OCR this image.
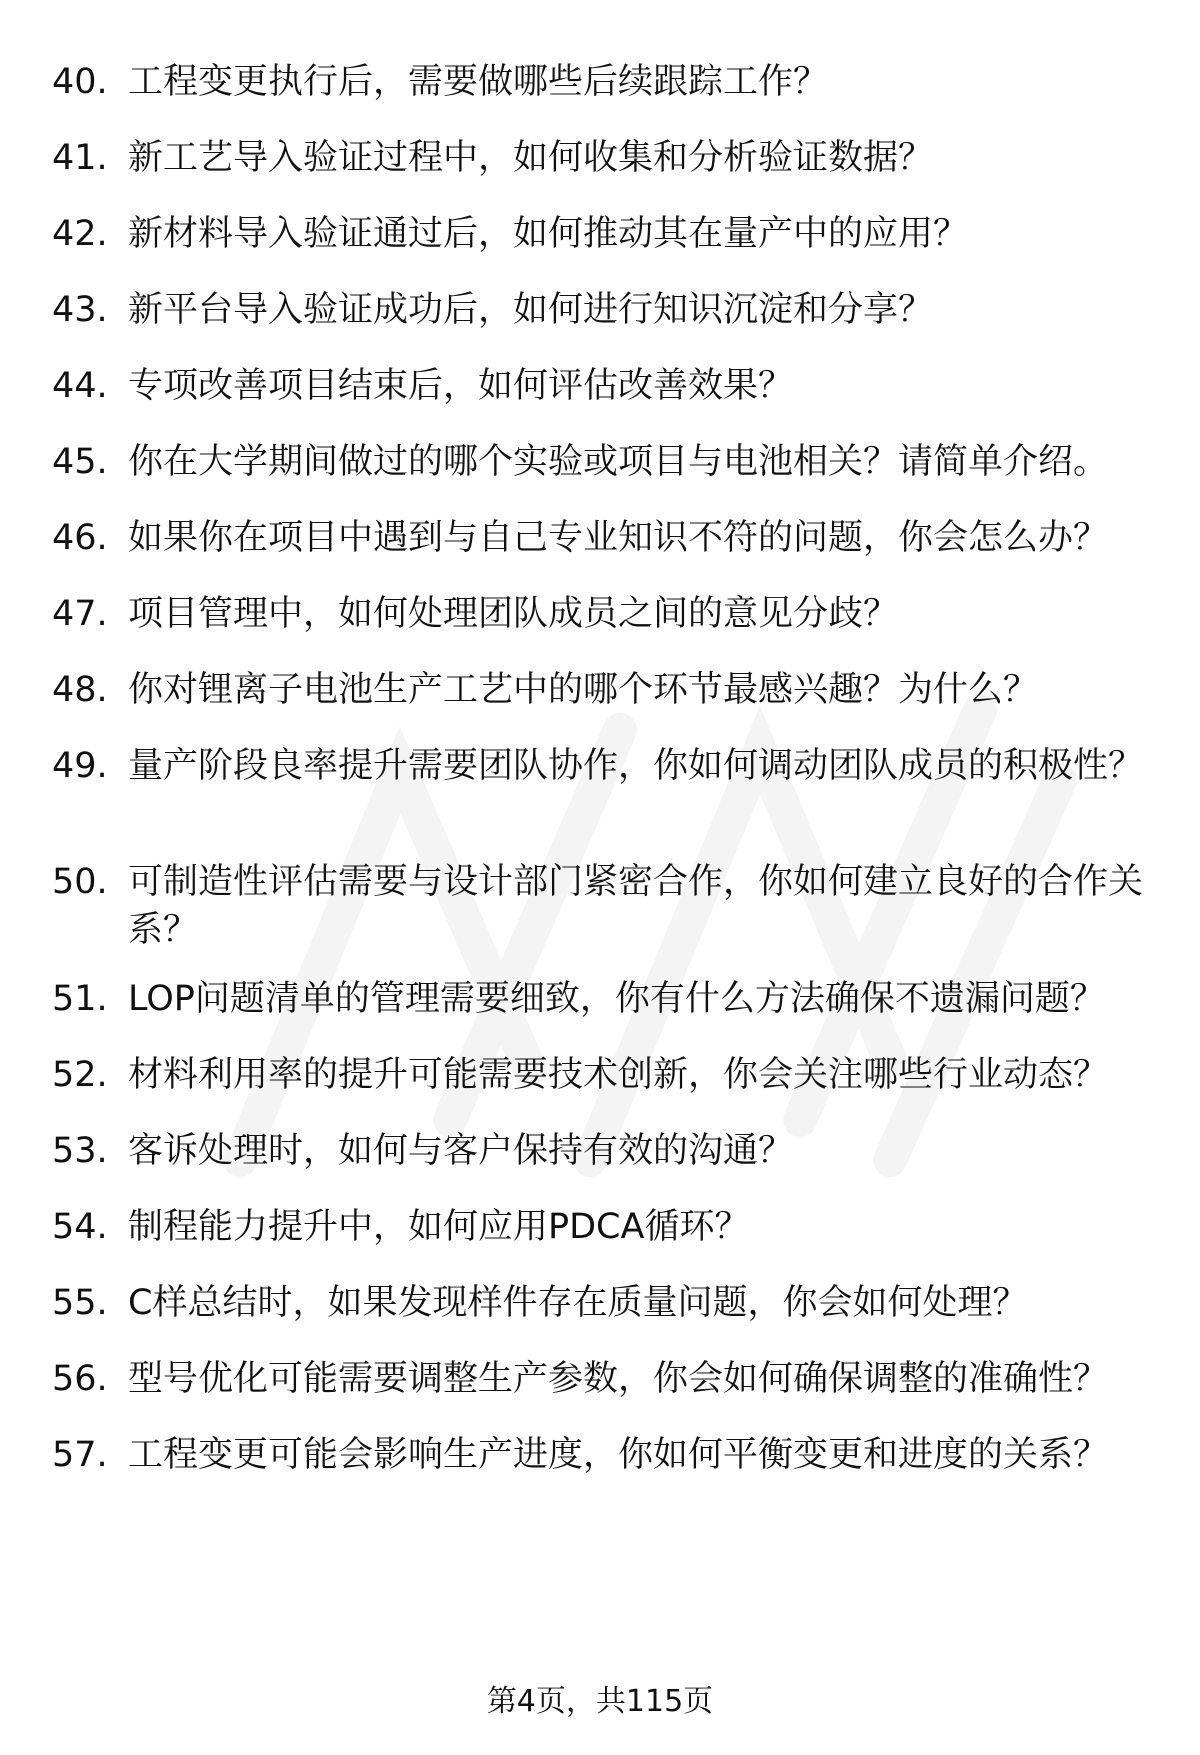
40. 工程变更执行后，需要做哪些后续跟踪工作？
41. 新工艺导入验证过程中，如何收集和分析验证数据？
42. 新材料导入验证通过后，如何推动其在量产中的应用？
43. 新平台导入验证成功后，如何进行知识沉淀和分享？
44. 专项改善项目结束后，如何评估改善效果？
45. 你在大学期间做过的哪个实验或项目与电池相关？请简单介绍。
46. 如果你在项目中遇到与自己专业知识不符的问题，你会怎么办？
47. 项目管理中，如何处理团队成员之间的意见分歧？
48. 你对锂离子电池生产工艺中的哪个环节最感兴趣？为什么？
49. 量产阶段良率提升需要团队协作，你如何调动团队成员的积极性？
50. 可制造性评估需要与设计部门紧密合作，你如何建立良好的合作关系？
51. LOP问题清单的管理需要细致，你有什么方法确保不遗漏问题？
52. 材料利用率的提升可能需要技术创新，你会关注哪些行业动态？
53. 客诉处理时，如何与客户保持有效的沟通？
54. 制程能力提升中，如何应用PDCA循环？
55. C样总结时，如果发现样件存在质量问题，你会如何处理？
56. 型号优化可能需要调整生产参数，你会如何确保调整的准确性？
57. 工程变更可能会影响生产进度，你如何平衡变更和进度的关系？
第4页，共115页
